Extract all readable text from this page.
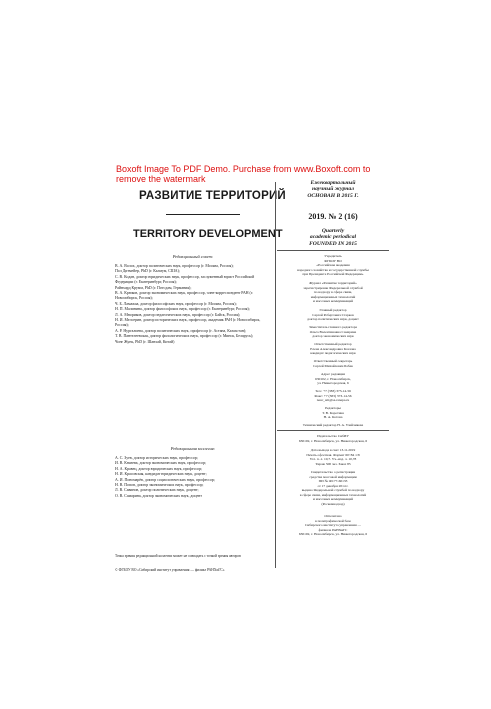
Boxoft Image To PDF Demo. Purchase from www.Boxoft.com to remove the watermark
РАЗВИТИЕ ТЕРРИТОРИЙ
TERRITORY DEVELOPMENT
Ежеквартальный
научный журнал
ОСНОВАН В 2015 Г.
2019. № 2 (16)
Quarterly
academic periodical
FOUNDED IN 2015
Редакционный совет:
В. А. Волох, доктор политических наук, профессор (г. Москва, Россия);
Пол Дитмейер, PhD (г. Калмум, США);
С. В. Кодан, доктор юридических наук, профессор, заслуженный юрист Российской Федерации (г. Екатеринбург, Россия);
Райнхард Крумм, PhD (г. Потсдам, Германия);
В. А. Крюков, доктор экономических наук, профессор, член-корреспондент РАН (г. Новосибирск, Россия);
Ч. Б. Ламажаа, доктор философских наук, профессор (г. Москва, Россия);
Н. П. Малинина, доктор философских наук, профессор (г. Екатеринбург, Россия);
Л. А. Мнориков, доктор педагогических наук, профессор (г. Байск, Россия);
Н. И. Мелсерин, доктор исторических наук, профессор, академик РАН (г. Новосибирск, Россия);
А. Р. Нургалиева, доктор политических наук, профессор (г. Астана, Казахстан);
Т. В. Пантелеевская, доктор филологических наук, профессор (г. Минск, Беларусь);
Чонг Жунь, PhD (г. Шанхай, Китай)
Редакционная коллегия:
А. С. Зуев, доктор исторических наук, профессор;
И. В. Князева, доктор экономических наук, профессор;
Н. А. Кравец, доктор юридических наук, профессор;
Н. И. Красовская, кандидат юридических наук, доцент;
А. И. Пономарёв, доктор социологических наук, профессор;
Н. В. Попов, доктор экономических наук, профессор;
Л. В. Савинов, доктор политических наук, доцент;
О. В. Самарина, доктор экономических наук, доцент
Точка зрения редакционной коллегии может не совпадать с точкой зрения авторов
© ФГБОУ ВО «Сибирский институт управления — филиал РАНХиГС»
Учредитель
ФГБОУ ВО
«Российская академия
народного хозяйства и государственной службы
при Президенте Российской Федерации»
Журнал «Развитие территорий»
зарегистрирован Федеральной службой
по надзору в сфере связи,
информационных технологий
и массовых коммуникаций
Главный редактор
Сергей Робертович Старков
доктор политических наук, доцент
Заместитель главного редактора
Ольга Валентиновна Самарина
доктор экономических наук
Ответственный редактор
Елена Александровна Козлова
кандидат педагогических наук
Ответственный секретарь
Сергей Михайлович Бабак
Адрес редакции
630102, г. Новосибирск,
ул. Нижегородская, 6
Тел.: +7 (383) 373-14-56
Факс: +7 (383) 373-14-56
nauc_sm@sa.ranepa.ru
Редакторы
Т. В. Коротина
Н. А. Котова
Технический редактор Н. А. Улейчикова
Издательство СибИУ
630102, г. Новосибирск, ул. Нижегородская, 6
Дата выхода в свет 13.11.2019
Печать офсетная. Формат 60×84 1/8
Усл. п. л. 10,7. Уч.-изд. л. 10,78
Тираж 500 экз. Заказ 85
Свидетельство о регистрации
средства массовой информации
ПИ № ФС77-60133
от 17 декабря 2014 г.
выдано Федеральной службой по надзору
в сфере связи, информационных технологий
и массовых коммуникаций
(Роскомнадзор)
Отпечатано
в полиграфической базе
Сибирского института управления —
филиала РАНХиГС
630102, г. Новосибирск, ул. Нижегородская, 6
